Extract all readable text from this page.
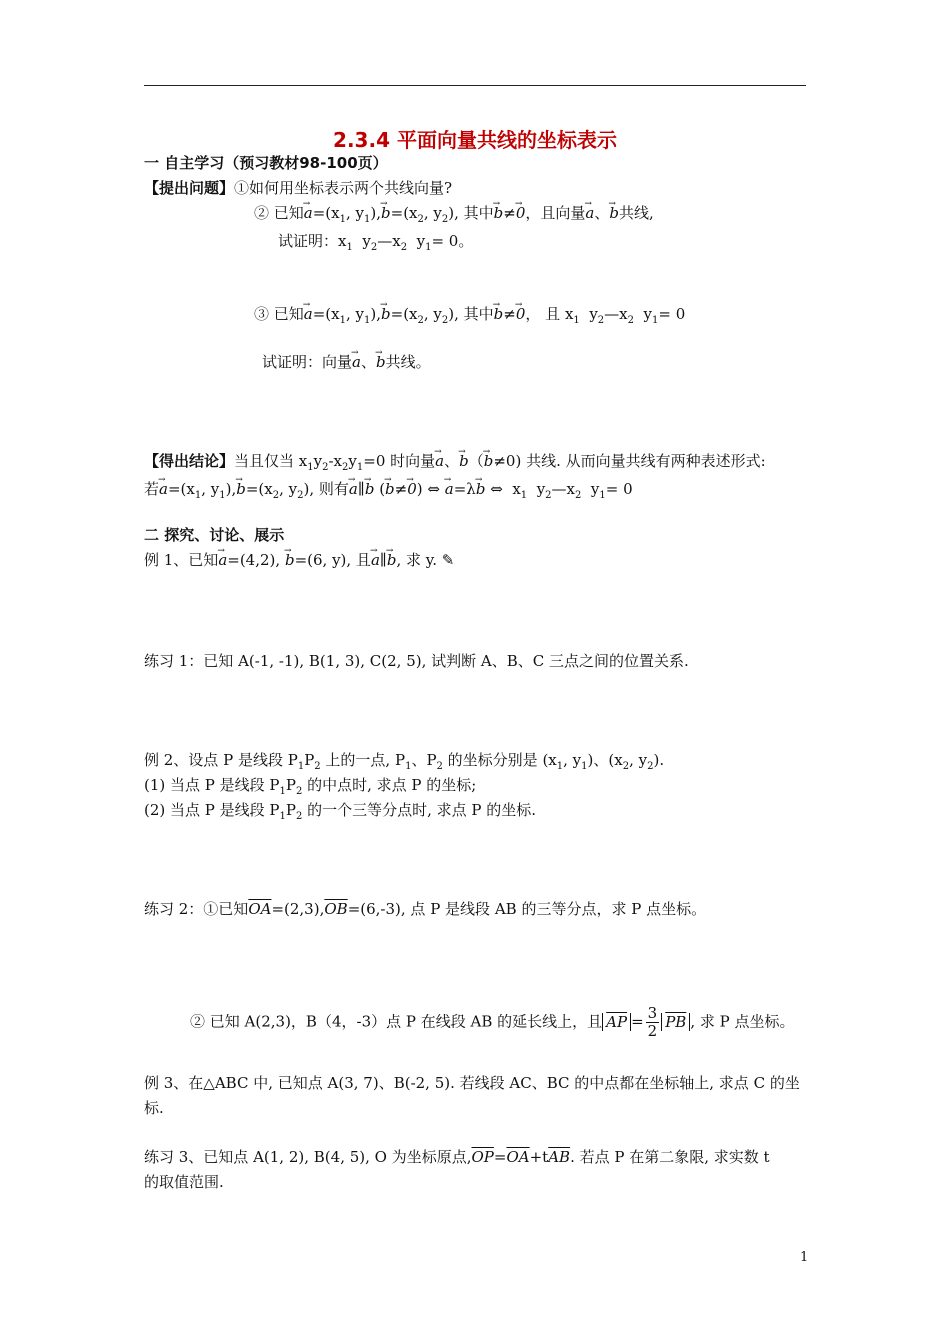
2.3.4 平面向量共线的坐标表示
一 自主学习（预习教材98-100页）
【提出问题】①如何用坐标表示两个共线向量?
② 已知→ $a=(x_1$, $y_1),\to b=(x_2$, $y_2$), 其中→ b≠→ 0，且向量→ a、→ b共线,
试证明：$x_1$  $y_2—x_2$  $y_1= 0$。
③ 已知→ $a=(x_1$, $y_1),\to b=(x_2$, $y_2$), 其中→ b≠→ 0， 且 $x_1$  $y_2—x_2$  $y_1= 0$
试证明：向量→ a、→ b共线。
【得出结论】当且仅当 $x_1y_2-x_2y_1=0$ 时向量→ a、→ b（→ b≠0) 共线. 从而向量共线有两种表述形式:
若→ $a=(x_1$, $y_1),\to b=(x_2$, $y_2$), 则有→ a∥→ b (→ b≠→ 0) ⇔ → a=λ→ b ⇔  $x_1$  $y_2—x_2$  $y_1= 0$
二 探究、讨论、展示
例 1、已知→ a=(4,2), → b=(6, y), 且→ a∥→ b, 求 y. ✎
练习 1：已知 A(-1, -1), B(1, 3), C(2, 5), 试判断 A、B、C 三点之间的位置关系.
例 2、设点 P 是线段 $P_1P_2$ 上的一点, $P_1$、$P_2$ 的坐标分别是 ($x_1$, $y_1$)、($x_2$, $y_2$).
(1) 当点 P 是线段 $P_1P_2$ 的中点时, 求点 P 的坐标;
(2) 当点 P 是线段 $P_1P_2$ 的一个三等分点时, 求点 P 的坐标.
练习 2：①已知$\overline{OA}=(2,3),\overline{OB}=(6,-3)$, 点 P 是线段 AB 的三等分点，求 P 点坐标。
② 已知 A(2,3)，B（4，-3）点 P 在线段 AB 的延长线上，且 $\overline{AP} = \frac{3}{2} \overline{PB}$ , 求 P 点坐标。
例 3、在△ABC 中, 已知点 A(3, 7)、B(-2, 5). 若线段 AC、BC 的中点都在坐标轴上, 求点 C 的坐
标.
练习 3、已知点 A(1, 2), B(4, 5), O 为坐标原点$,\overline{OP}=\overline{OA}+t\overline{AB}$. 若点 P 在第二象限, 求实数 t
的取值范围.
1
